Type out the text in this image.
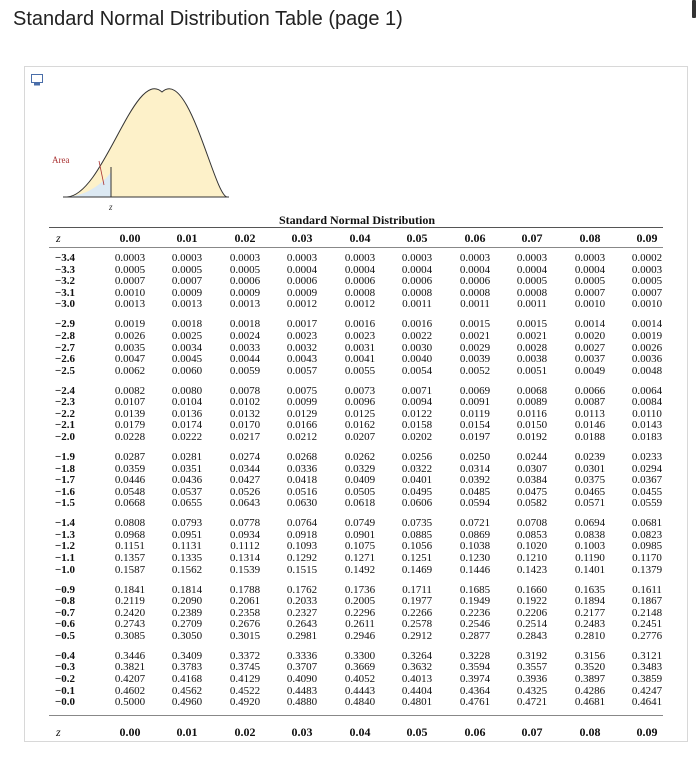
Standard Normal Distribution Table (page 1)
Area
z
Standard Normal Distribution
z	0.00	0.01	0.02	0.03	0.04	0.05	0.06	0.07	0.08	0.09
−3.4	0.0003	0.0003	0.0003	0.0003	0.0003	0.0003	0.0003	0.0003	0.0003	0.0002
−3.3	0.0005	0.0005	0.0005	0.0004	0.0004	0.0004	0.0004	0.0004	0.0004	0.0003
−3.2	0.0007	0.0007	0.0006	0.0006	0.0006	0.0006	0.0006	0.0005	0.0005	0.0005
−3.1	0.0010	0.0009	0.0009	0.0009	0.0008	0.0008	0.0008	0.0008	0.0007	0.0007
−3.0	0.0013	0.0013	0.0013	0.0012	0.0012	0.0011	0.0011	0.0011	0.0010	0.0010
−2.9	0.0019	0.0018	0.0018	0.0017	0.0016	0.0016	0.0015	0.0015	0.0014	0.0014
−2.8	0.0026	0.0025	0.0024	0.0023	0.0023	0.0022	0.0021	0.0021	0.0020	0.0019
−2.7	0.0035	0.0034	0.0033	0.0032	0.0031	0.0030	0.0029	0.0028	0.0027	0.0026
−2.6	0.0047	0.0045	0.0044	0.0043	0.0041	0.0040	0.0039	0.0038	0.0037	0.0036
−2.5	0.0062	0.0060	0.0059	0.0057	0.0055	0.0054	0.0052	0.0051	0.0049	0.0048
−2.4	0.0082	0.0080	0.0078	0.0075	0.0073	0.0071	0.0069	0.0068	0.0066	0.0064
−2.3	0.0107	0.0104	0.0102	0.0099	0.0096	0.0094	0.0091	0.0089	0.0087	0.0084
−2.2	0.0139	0.0136	0.0132	0.0129	0.0125	0.0122	0.0119	0.0116	0.0113	0.0110
−2.1	0.0179	0.0174	0.0170	0.0166	0.0162	0.0158	0.0154	0.0150	0.0146	0.0143
−2.0	0.0228	0.0222	0.0217	0.0212	0.0207	0.0202	0.0197	0.0192	0.0188	0.0183
−1.9	0.0287	0.0281	0.0274	0.0268	0.0262	0.0256	0.0250	0.0244	0.0239	0.0233
−1.8	0.0359	0.0351	0.0344	0.0336	0.0329	0.0322	0.0314	0.0307	0.0301	0.0294
−1.7	0.0446	0.0436	0.0427	0.0418	0.0409	0.0401	0.0392	0.0384	0.0375	0.0367
−1.6	0.0548	0.0537	0.0526	0.0516	0.0505	0.0495	0.0485	0.0475	0.0465	0.0455
−1.5	0.0668	0.0655	0.0643	0.0630	0.0618	0.0606	0.0594	0.0582	0.0571	0.0559
−1.4	0.0808	0.0793	0.0778	0.0764	0.0749	0.0735	0.0721	0.0708	0.0694	0.0681
−1.3	0.0968	0.0951	0.0934	0.0918	0.0901	0.0885	0.0869	0.0853	0.0838	0.0823
−1.2	0.1151	0.1131	0.1112	0.1093	0.1075	0.1056	0.1038	0.1020	0.1003	0.0985
−1.1	0.1357	0.1335	0.1314	0.1292	0.1271	0.1251	0.1230	0.1210	0.1190	0.1170
−1.0	0.1587	0.1562	0.1539	0.1515	0.1492	0.1469	0.1446	0.1423	0.1401	0.1379
−0.9	0.1841	0.1814	0.1788	0.1762	0.1736	0.1711	0.1685	0.1660	0.1635	0.1611
−0.8	0.2119	0.2090	0.2061	0.2033	0.2005	0.1977	0.1949	0.1922	0.1894	0.1867
−0.7	0.2420	0.2389	0.2358	0.2327	0.2296	0.2266	0.2236	0.2206	0.2177	0.2148
−0.6	0.2743	0.2709	0.2676	0.2643	0.2611	0.2578	0.2546	0.2514	0.2483	0.2451
−0.5	0.3085	0.3050	0.3015	0.2981	0.2946	0.2912	0.2877	0.2843	0.2810	0.2776
−0.4	0.3446	0.3409	0.3372	0.3336	0.3300	0.3264	0.3228	0.3192	0.3156	0.3121
−0.3	0.3821	0.3783	0.3745	0.3707	0.3669	0.3632	0.3594	0.3557	0.3520	0.3483
−0.2	0.4207	0.4168	0.4129	0.4090	0.4052	0.4013	0.3974	0.3936	0.3897	0.3859
−0.1	0.4602	0.4562	0.4522	0.4483	0.4443	0.4404	0.4364	0.4325	0.4286	0.4247
−0.0	0.5000	0.4960	0.4920	0.4880	0.4840	0.4801	0.4761	0.4721	0.4681	0.4641
z	0.00	0.01	0.02	0.03	0.04	0.05	0.06	0.07	0.08	0.09
